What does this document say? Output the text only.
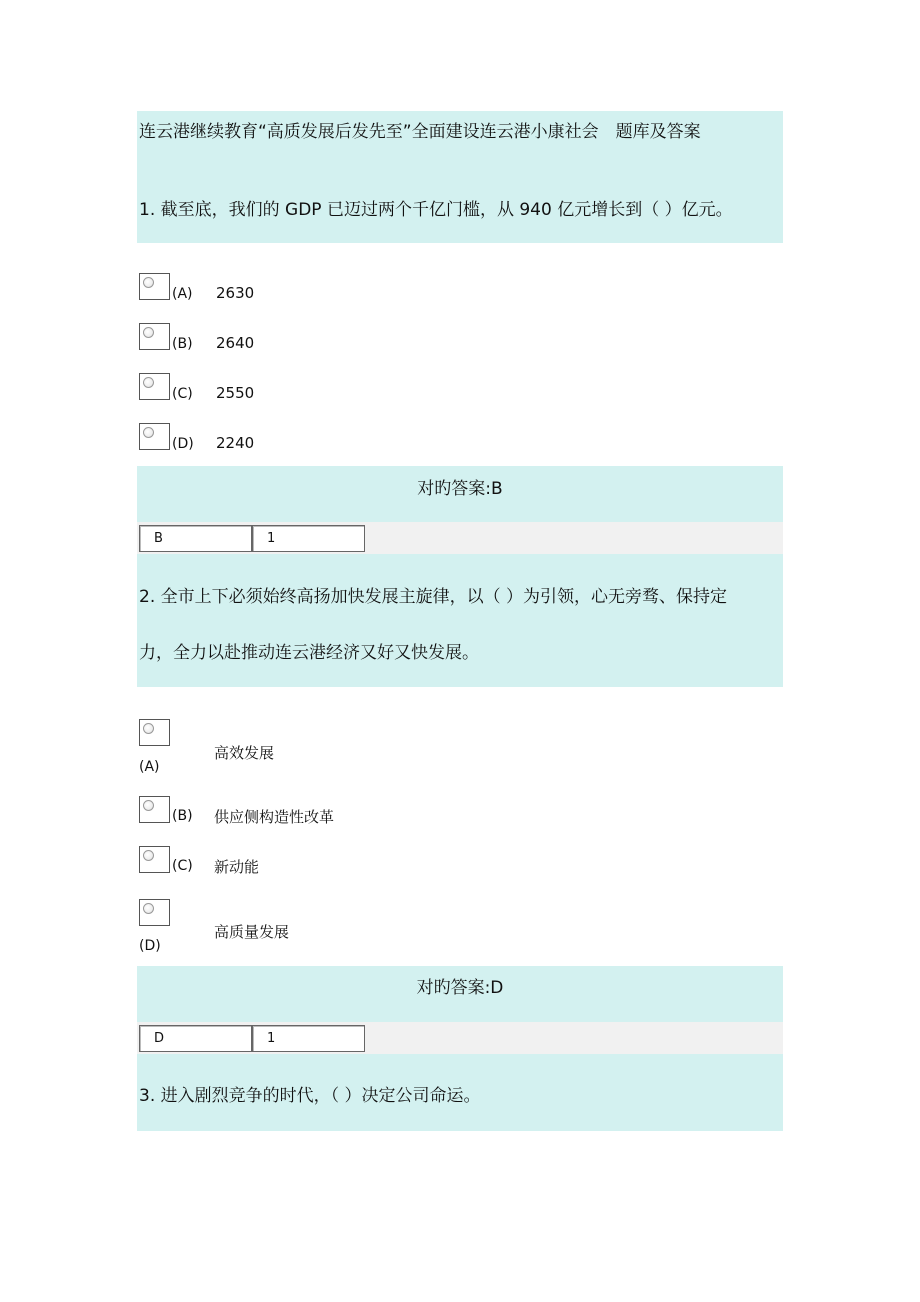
连云港继续教育“高质发展后发先至”全面建设连云港小康社会　题库及答案
1. 截至底，我们的 GDP 已迈过两个千亿门槛，从 940 亿元增长到（ ）亿元。
(A) 2630
(B) 2640
(C) 2550
(D) 2240
对旳答案:B
B	1
2. 全市上下必须始终高扬加快发展主旋律，以（ ）为引领，心无旁骛、保持定
力，全力以赴推动连云港经济又好又快发展。
(A)
高效发展
(B) 供应侧构造性改革
(C) 新动能
(D)
高质量发展
对旳答案:D
D	1
3. 进入剧烈竞争的时代，（ ）决定公司命运。
